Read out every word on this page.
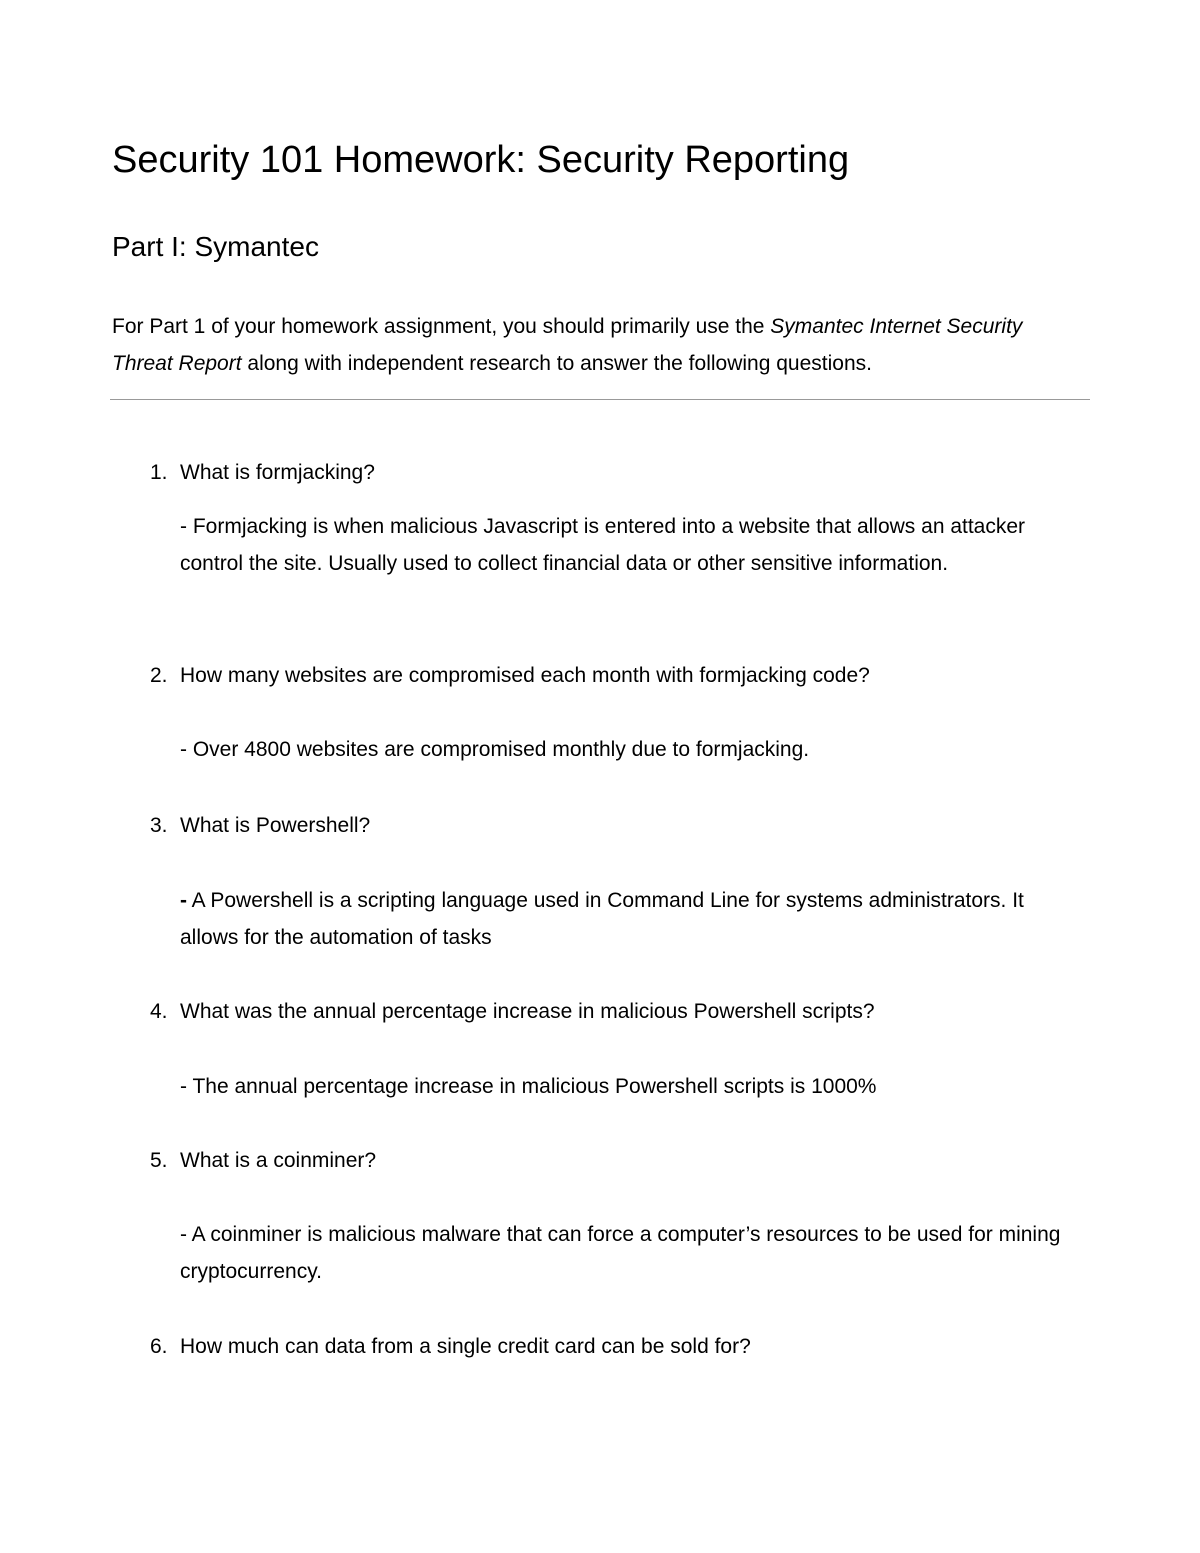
Security 101 Homework: Security Reporting
Part I: Symantec

For Part 1 of your homework assignment, you should primarily use the Symantec Internet Security Threat Report along with independent research to answer the following questions.

1. What is formjacking?
- Formjacking is when malicious Javascript is entered into a website that allows an attacker control the site. Usually used to collect financial data or other sensitive information.
2. How many websites are compromised each month with formjacking code?
- Over 4800 websites are compromised monthly due to formjacking.
3. What is Powershell?
- A Powershell is a scripting language used in Command Line for systems administrators. It allows for the automation of tasks
4. What was the annual percentage increase in malicious Powershell scripts?
- The annual percentage increase in malicious Powershell scripts is 1000%
5. What is a coinminer?
- A coinminer is malicious malware that can force a computer’s resources to be used for mining cryptocurrency.
6. How much can data from a single credit card can be sold for?
